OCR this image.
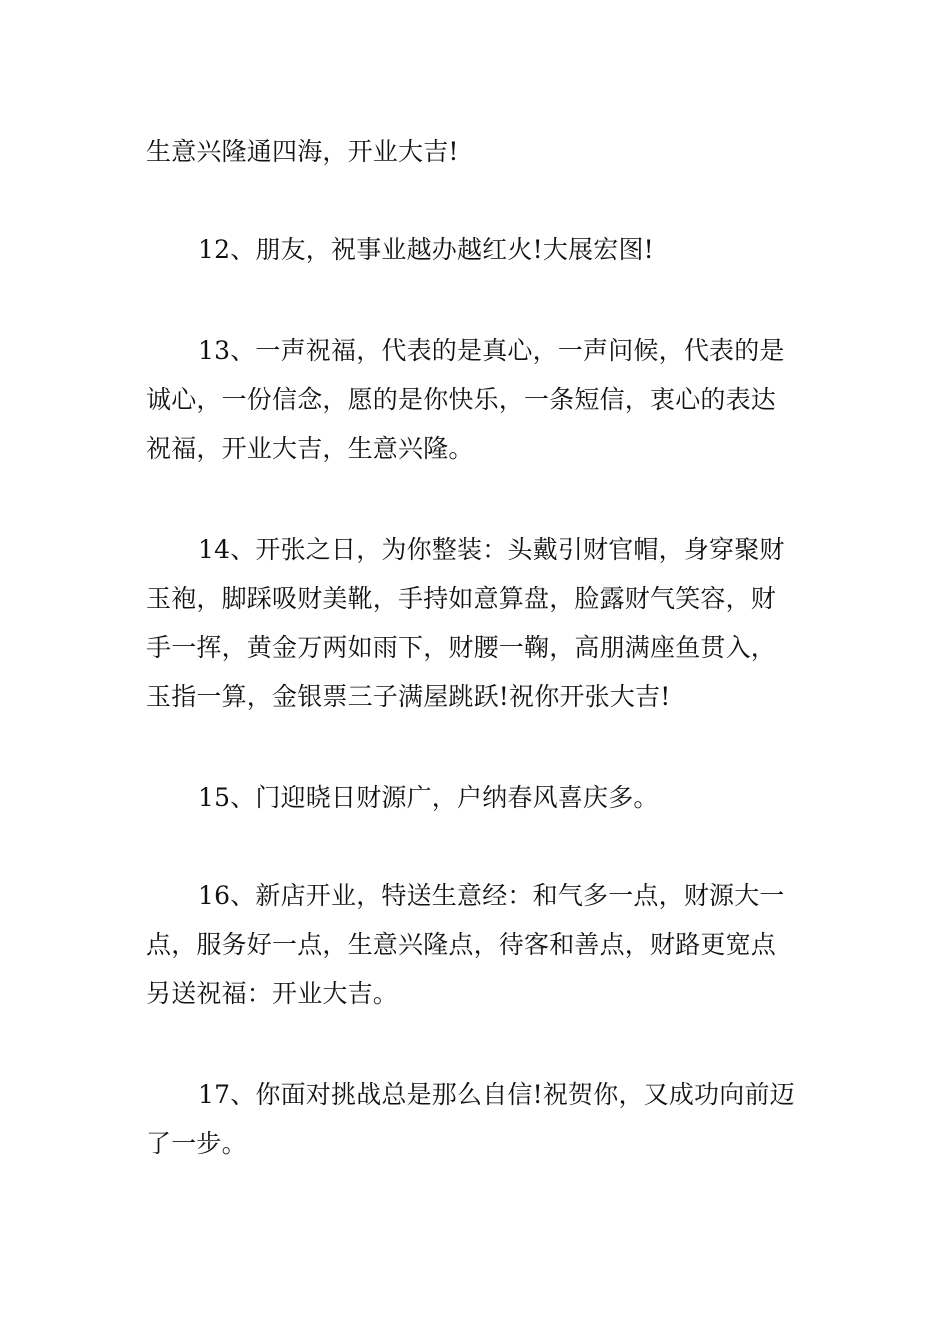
生意兴隆通四海，开业大吉!
12、朋友，祝事业越办越红火!大展宏图!
13、一声祝福，代表的是真心，一声问候，代表的是
诚心，一份信念，愿的是你快乐，一条短信，衷心的表达
祝福，开业大吉，生意兴隆。
14、开张之日，为你整装：头戴引财官帽，身穿聚财
玉袍，脚踩吸财美靴，手持如意算盘，脸露财气笑容，财
手一挥，黄金万两如雨下，财腰一鞠，高朋满座鱼贯入，
玉指一算，金银票三子满屋跳跃!祝你开张大吉!
15、门迎晓日财源广，户纳春风喜庆多。
16、新店开业，特送生意经：和气多一点，财源大一
点，服务好一点，生意兴隆点，待客和善点，财路更宽点
另送祝福：开业大吉。
17、你面对挑战总是那么自信!祝贺你，又成功向前迈
了一步。
